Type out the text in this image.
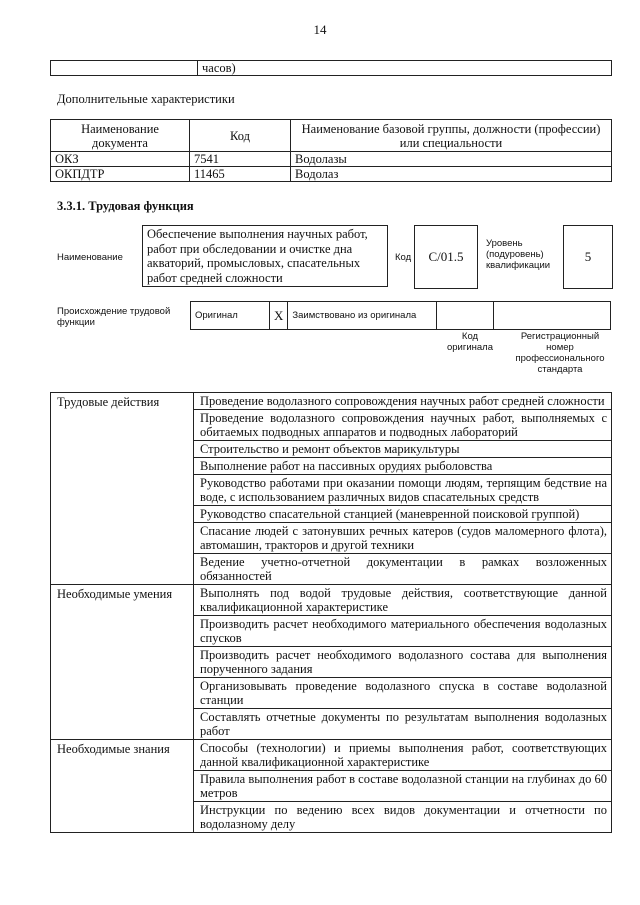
14
	часов)
Дополнительные характеристики
Наименование документа	Код	Наименование базовой группы, должности (профессии) или специальности
ОКЗ	7541	Водолазы
ОКПДТР	11465	Водолаз
3.3.1. Трудовая функция
Наименование
Обеспечение выполнения научных работ, работ при обследовании и очистке дна акваторий, промысловых, спасательных работ средней сложности
Код	С/01.5
Уровень (подуровень) квалификации
5
Происхождение трудовой функции
Оригинал	X	Заимствовано из оригинала		
Код оригинала
Регистрационный номер профессионального стандарта
Трудовые действия	Проведение водолазного сопровождения научных работ средней сложности
	Проведение водолазного сопровождения научных работ, выполняемых с обитаемых подводных аппаратов и подводных лабораторий
	Строительство и ремонт объектов марикультуры
	Выполнение работ на пассивных орудиях рыболовства
	Руководство работами при оказании помощи людям, терпящим бедствие на воде, с использованием различных видов спасательных средств
	Руководство спасательной станцией (маневренной поисковой группой)
	Спасание людей с затонувших речных катеров (судов маломерного флота), автомашин, тракторов и другой техники
	Ведение учетно-отчетной документации в рамках возложенных обязанностей
Необходимые умения	Выполнять под водой трудовые действия, соответствующие данной квалификационной характеристике
	Производить расчет необходимого материального обеспечения водолазных спусков
	Производить расчет необходимого водолазного состава для выполнения порученного задания
	Организовывать проведение водолазного спуска в составе водолазной станции
	Составлять отчетные документы по результатам выполнения водолазных работ
Необходимые знания	Способы (технологии) и приемы выполнения работ, соответствующих данной квалификационной характеристике
	Правила выполнения работ в составе водолазной станции на глубинах до 60 метров
	Инструкции по ведению всех видов документации и отчетности по водолазному делу
